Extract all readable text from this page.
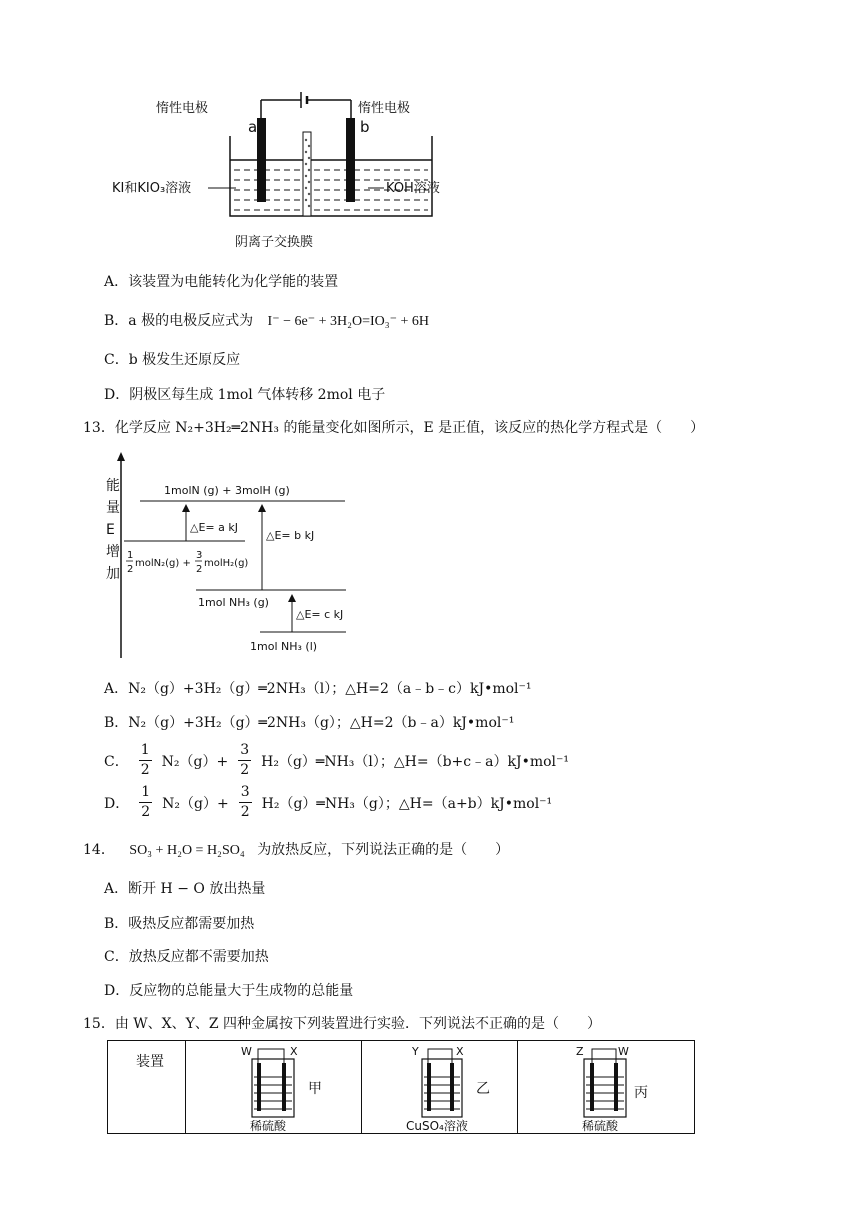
惰性电极
a
惰性电极
b
KI和KIO₃溶液	KOH溶液
阴离子交换膜
A．该装置为电能转化为化学能的装置
B．a 极的电极反应式为 I⁻ − 6e⁻ + 3H₂O=IO₃⁻ + 6H
C．b 极发生还原反应
D．阴极区每生成 1mol 气体转移 2mol 电子
13．化学反应 N₂+3H₂═2NH₃ 的能量变化如图所示，E 是正值，该反应的热化学方程式是（　　）
能
量
E
增
加
1molN (g) + 3molH (g)
△E= a kJ
△E= b kJ
△E= c kJ
1
2
molN₂(g) +
3
2
molH₂(g)
1mol NH₃ (g)
1mol NH₃ (l)
A．N₂（g）+3H₂（g）═2NH₃（l）；△H=2（a﹣b﹣c）kJ•mol⁻¹
B．N₂（g）+3H₂（g）═2NH₃（g）；△H=2（b﹣a）kJ•mol⁻¹
C． $\frac{1}{2} N_2(g)+ \frac{3}{2}$ H₂（g）═NH₃（l）；△H=（b+c﹣a）kJ•mol⁻¹
D． $\frac{1}{2} N_2(g)+ \frac{3}{2}$ H₂（g）═NH₃（g）；△H=（a+b）kJ•mol⁻¹
14． SO₃ + H₂O = H₂SO₄ 为放热反应，下列说法正确的是（　　）
A．断开 H − O 放出热量
B．吸热反应都需要加热
C．放热反应都不需要加热
D．反应物的总能量大于生成物的总能量
15．由 W、X、Y、Z 四种金属按下列装置进行实验．下列说法不正确的是（　　）
装置
W	X
甲
稀硫酸
Y	X
乙
CuSO₄溶液
Z	W
丙
稀硫酸
